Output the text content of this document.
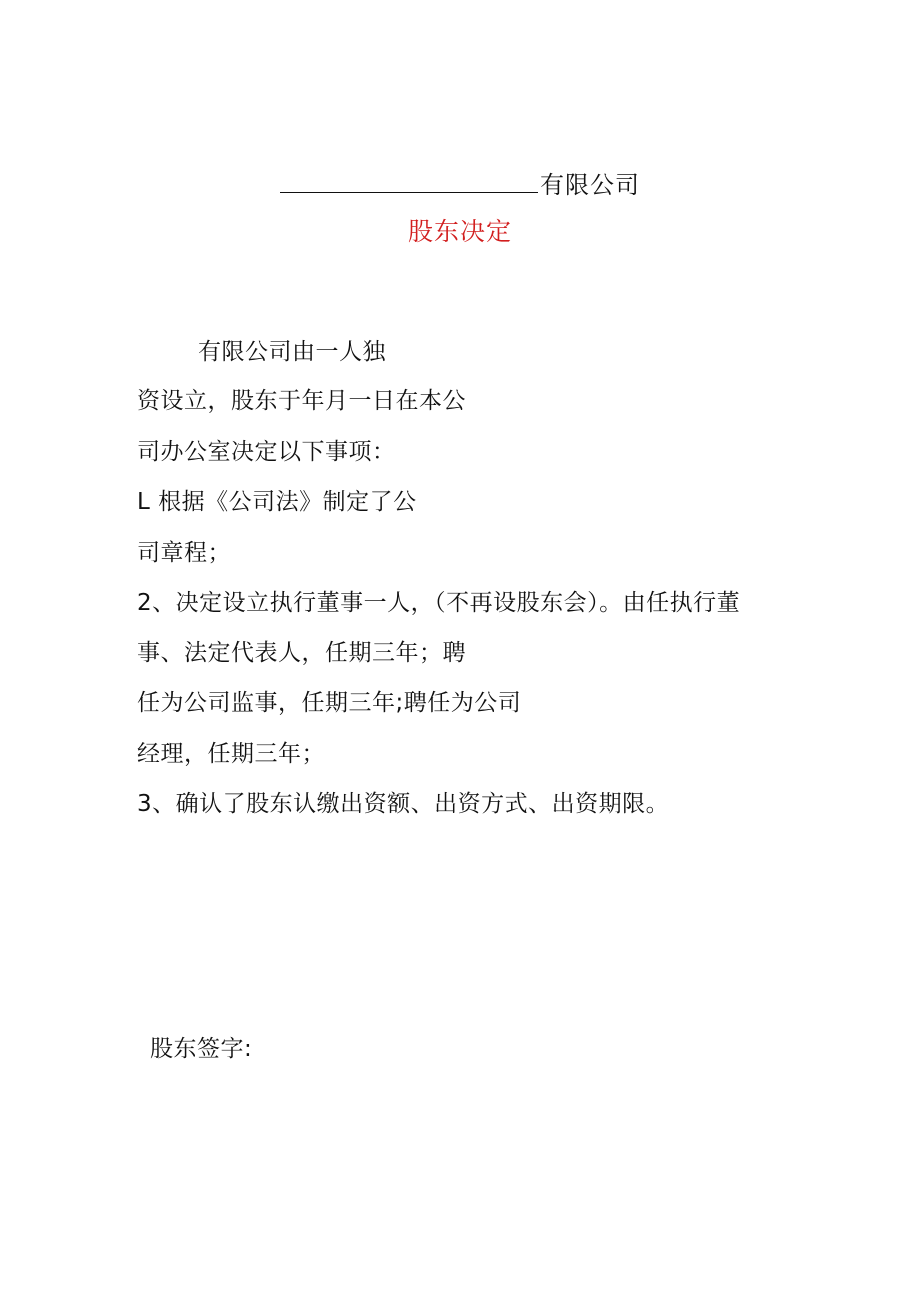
有限公司
股东决定
有限公司由一人独
资设立，股东于年月一日在本公
司办公室决定以下事项：
L 根据《公司法》制定了公
司章程；
2、决定设立执行董事一人，（不再设股东会）。由任执行董
事、法定代表人，任期三年；聘
任为公司监事，任期三年;聘任为公司
经理，任期三年；
3、确认了股东认缴出资额、出资方式、出资期限。
股东签字:
